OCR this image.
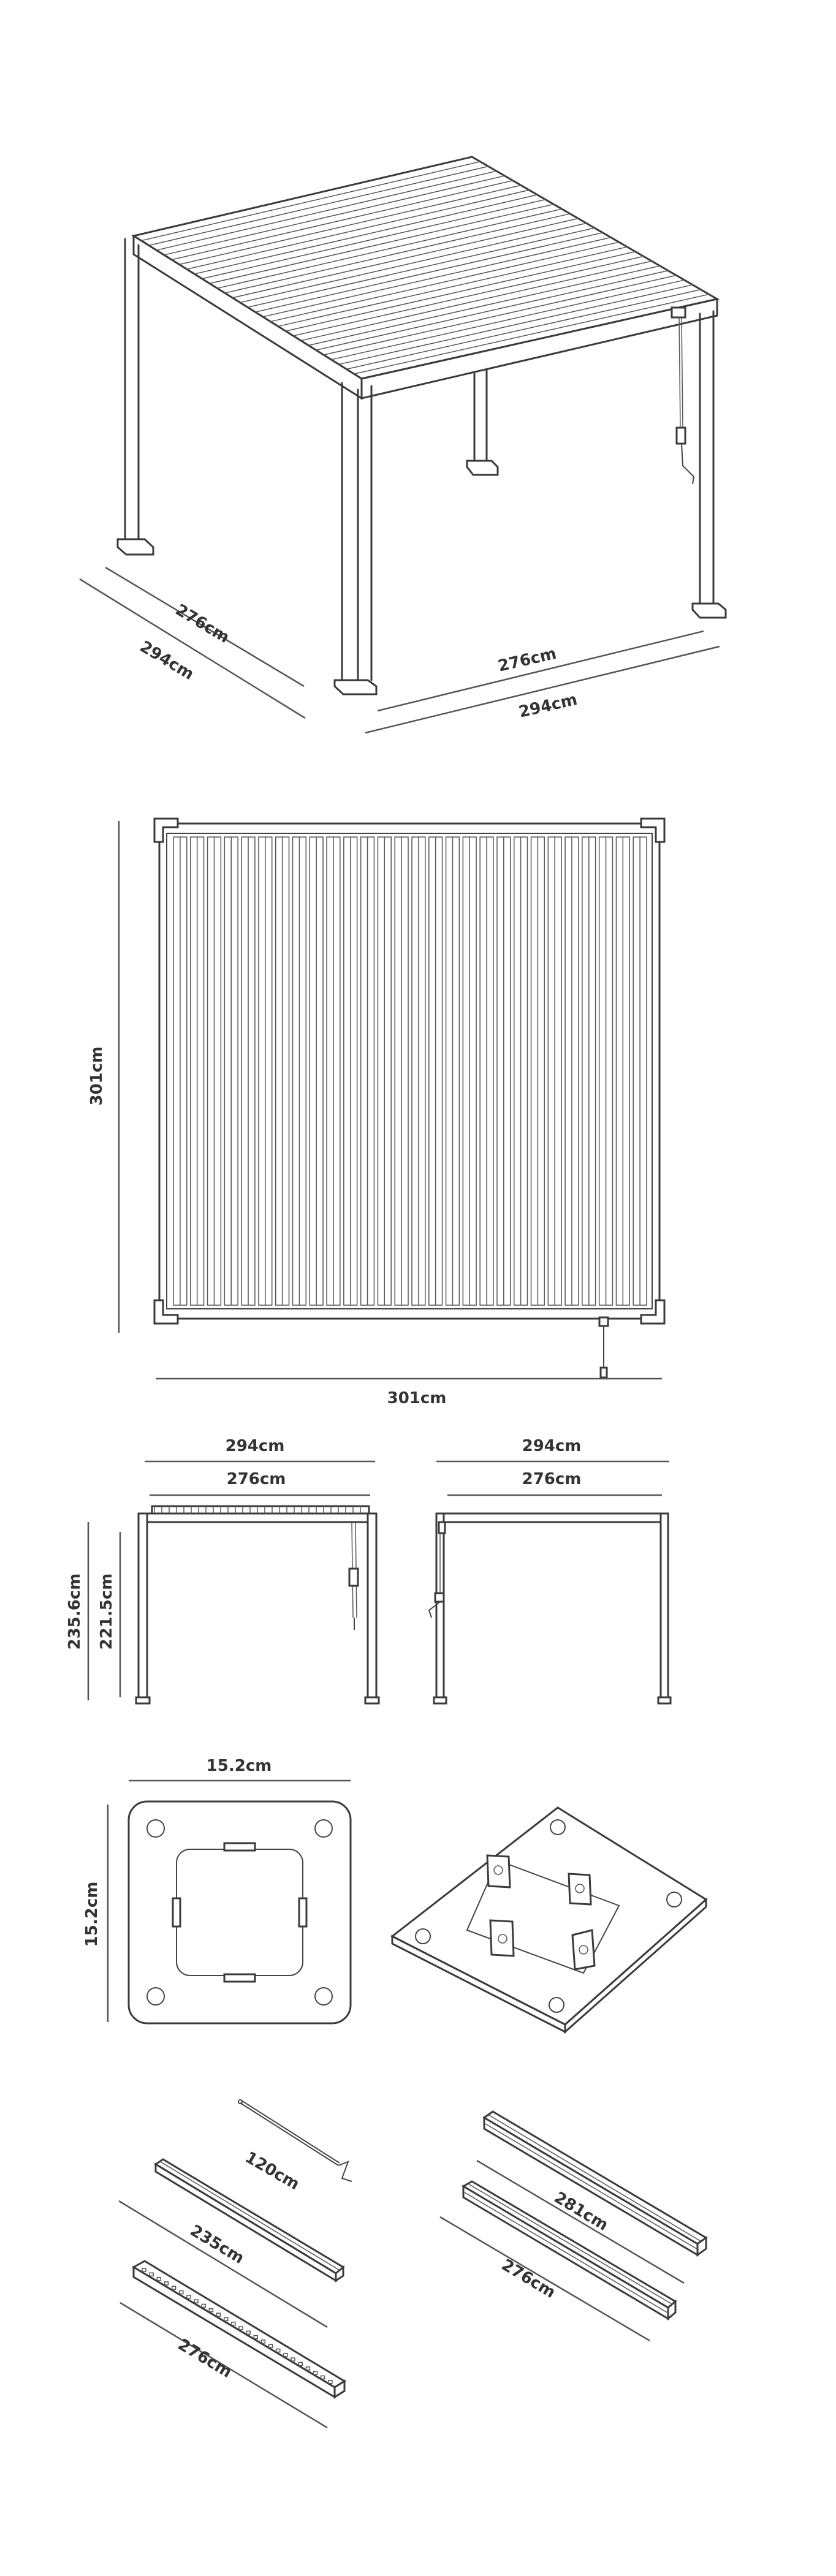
276cm
294cm	276cm
294cm
301cm
301cm
294cm
276cm
235.6cm 221.5cm
294cm
276cm
15.2cm
15.2cm
120cm
235cm
276cm
281cm
276cm
